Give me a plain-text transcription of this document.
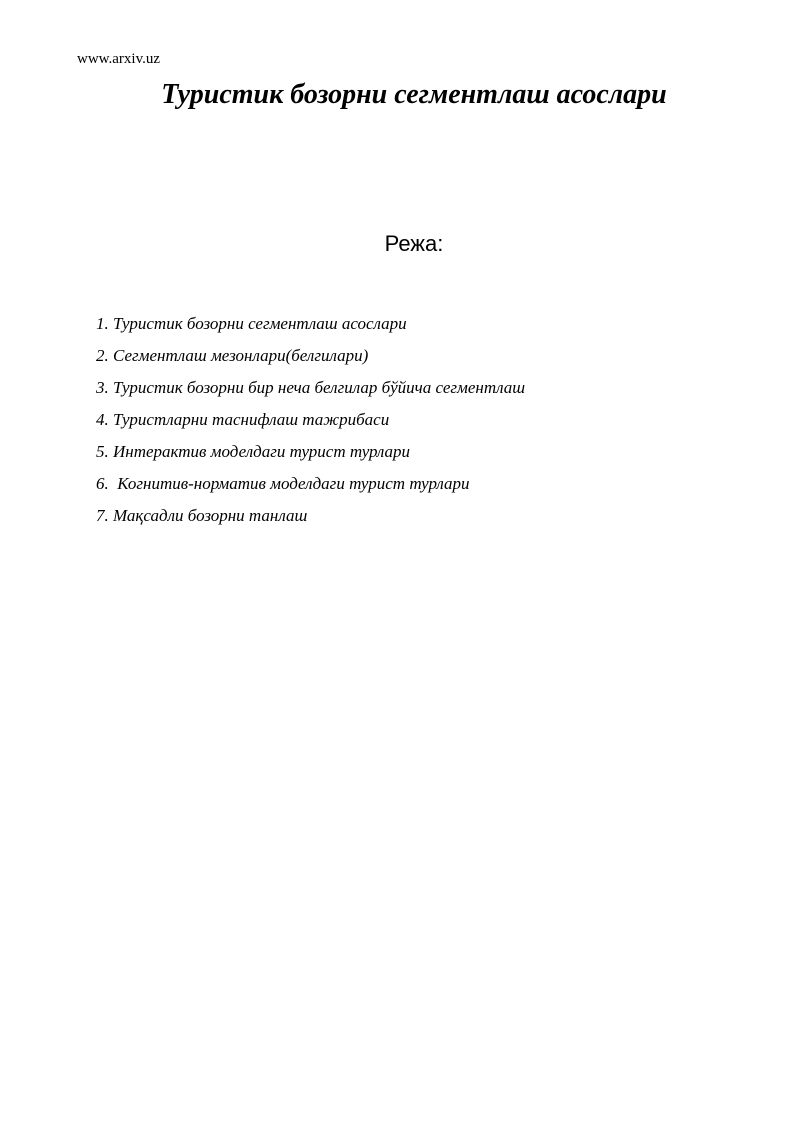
www.arxiv.uz
Туристик бозорни сегментлаш асослари
Режа:
1. Туристик бозорни сегментлаш асослари
2. Сегментлаш мезонлари(белгилари)
3. Туристик бозорни бир неча белгилар бўйича сегментлаш
4. Туристларни таснифлаш тажрибаси
5. Интерактив моделдаги турист турлари
6.  Когнитив-норматив моделдаги турист турлари
7. Мақсадли бозорни танлаш
